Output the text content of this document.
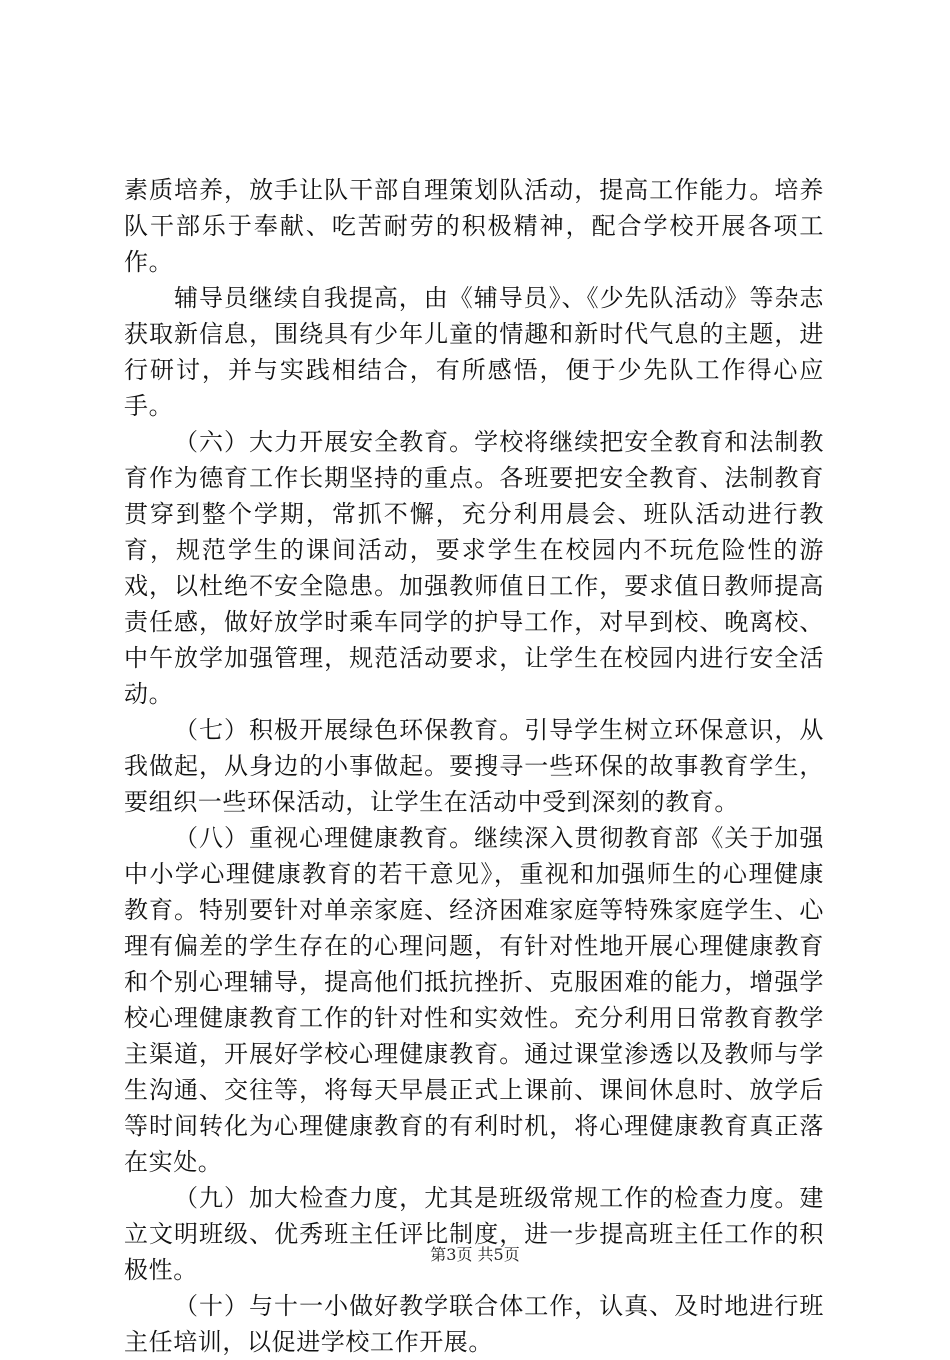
素质培养，放手让队干部自理策划队活动，提高工作能力。培养队干部乐于奉献、吃苦耐劳的积极精神，配合学校开展各项工作。

辅导员继续自我提高，由《辅导员》、《少先队活动》等杂志获取新信息，围绕具有少年儿童的情趣和新时代气息的主题，进行研讨，并与实践相结合，有所感悟，便于少先队工作得心应手。

（六）大力开展安全教育。学校将继续把安全教育和法制教育作为德育工作长期坚持的重点。各班要把安全教育、法制教育贯穿到整个学期，常抓不懈，充分利用晨会、班队活动进行教育，规范学生的课间活动，要求学生在校园内不玩危险性的游戏，以杜绝不安全隐患。加强教师值日工作，要求值日教师提高责任感，做好放学时乘车同学的护导工作，对早到校、晚离校、中午放学加强管理，规范活动要求，让学生在校园内进行安全活动。

（七）积极开展绿色环保教育。引导学生树立环保意识，从我做起，从身边的小事做起。要搜寻一些环保的故事教育学生，要组织一些环保活动，让学生在活动中受到深刻的教育。

（八）重视心理健康教育。继续深入贯彻教育部《关于加强中小学心理健康教育的若干意见》，重视和加强师生的心理健康教育。特别要针对单亲家庭、经济困难家庭等特殊家庭学生、心理有偏差的学生存在的心理问题，有针对性地开展心理健康教育和个别心理辅导，提高他们抵抗挫折、克服困难的能力，增强学校心理健康教育工作的针对性和实效性。充分利用日常教育教学主渠道，开展好学校心理健康教育。通过课堂渗透以及教师与学生沟通、交往等，将每天早晨正式上课前、课间休息时、放学后等时间转化为心理健康教育的有利时机，将心理健康教育真正落在实处。

（九）加大检查力度，尤其是班级常规工作的检查力度。建立文明班级、优秀班主任评比制度，进一步提高班主任工作的积极性。

（十）与十一小做好教学联合体工作，认真、及时地进行班主任培训，以促进学校工作开展。

第3页 共5页
